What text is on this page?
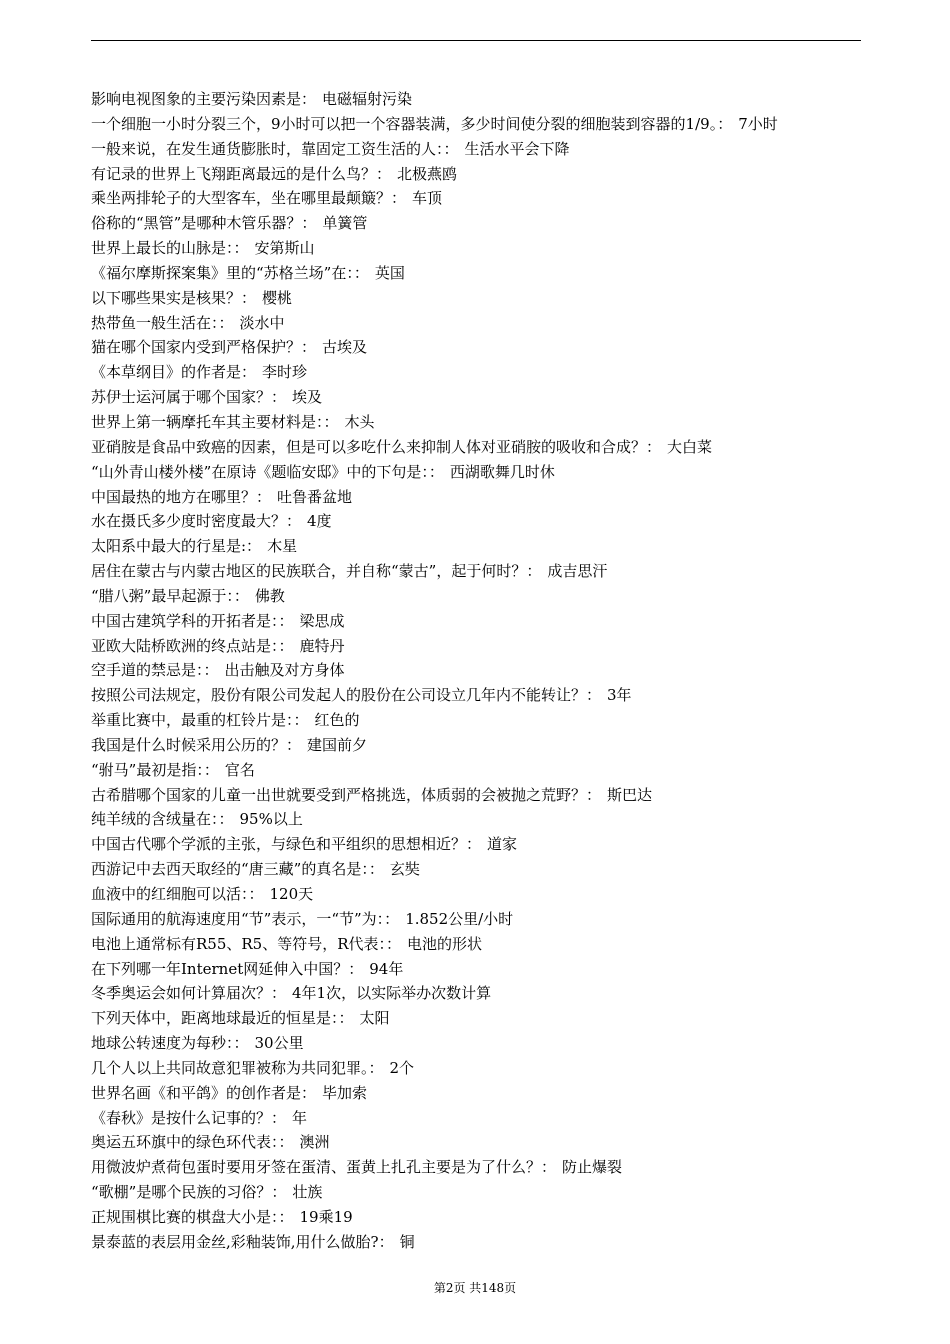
影响电视图象的主要污染因素是： 电磁辐射污染
一个细胞一小时分裂三个，9小时可以把一个容器装满，多少时间使分裂的细胞装到容器的1/9。： 7小时
一般来说，在发生通货膨胀时，靠固定工资生活的人：： 生活水平会下降
有记录的世界上飞翔距离最远的是什么鸟？： 北极燕鸥
乘坐两排轮子的大型客车，坐在哪里最颠簸？： 车顶
俗称的“黑管”是哪种木管乐器？： 单簧管
世界上最长的山脉是：： 安第斯山
《福尔摩斯探案集》里的“苏格兰场”在：： 英国
以下哪些果实是核果？： 樱桃
热带鱼一般生活在：： 淡水中
猫在哪个国家内受到严格保护？： 古埃及
《本草纲目》的作者是： 李时珍
苏伊士运河属于哪个国家？： 埃及
世界上第一辆摩托车其主要材料是：： 木头
亚硝胺是食品中致癌的因素，但是可以多吃什么来抑制人体对亚硝胺的吸收和合成？： 大白菜
“山外青山楼外楼”在原诗《题临安邸》中的下句是：： 西湖歌舞几时休
中国最热的地方在哪里？： 吐鲁番盆地
水在摄氏多少度时密度最大？： 4度
太阳系中最大的行星是:： 木星
居住在蒙古与内蒙古地区的民族联合，并自称“蒙古”，起于何时？： 成吉思汗
“腊八粥”最早起源于：： 佛教
中国古建筑学科的开拓者是：： 梁思成
亚欧大陆桥欧洲的终点站是：： 鹿特丹
空手道的禁忌是：： 出击触及对方身体
按照公司法规定，股份有限公司发起人的股份在公司设立几年内不能转让？： 3年
举重比赛中，最重的杠铃片是：： 红色的
我国是什么时候采用公历的？： 建国前夕
“驸马”最初是指：： 官名
古希腊哪个国家的儿童一出世就要受到严格挑选，体质弱的会被抛之荒野？： 斯巴达
纯羊绒的含绒量在：： 95%以上
中国古代哪个学派的主张，与绿色和平组织的思想相近？： 道家
西游记中去西天取经的“唐三藏”的真名是：： 玄奘
血液中的红细胞可以活：： 120天
国际通用的航海速度用“节”表示，一“节”为：： 1.852公里/小时
电池上通常标有R55、R5、等符号，R代表：： 电池的形状
在下列哪一年Internet网延伸入中国？： 94年
冬季奥运会如何计算届次？： 4年1次，以实际举办次数计算
下列天体中，距离地球最近的恒星是：： 太阳
地球公转速度为每秒：： 30公里
几个人以上共同故意犯罪被称为共同犯罪。： 2个
世界名画《和平鸽》的创作者是： 毕加索
《春秋》是按什么记事的？： 年
奥运五环旗中的绿色环代表：： 澳洲
用微波炉煮荷包蛋时要用牙签在蛋清、蛋黄上扎孔主要是为了什么？： 防止爆裂
“歌棚”是哪个民族的习俗？： 壮族
正规围棋比赛的棋盘大小是：： 19乘19
景泰蓝的表层用金丝,彩釉装饰,用什么做胎?： 铜
第2页 共148页
